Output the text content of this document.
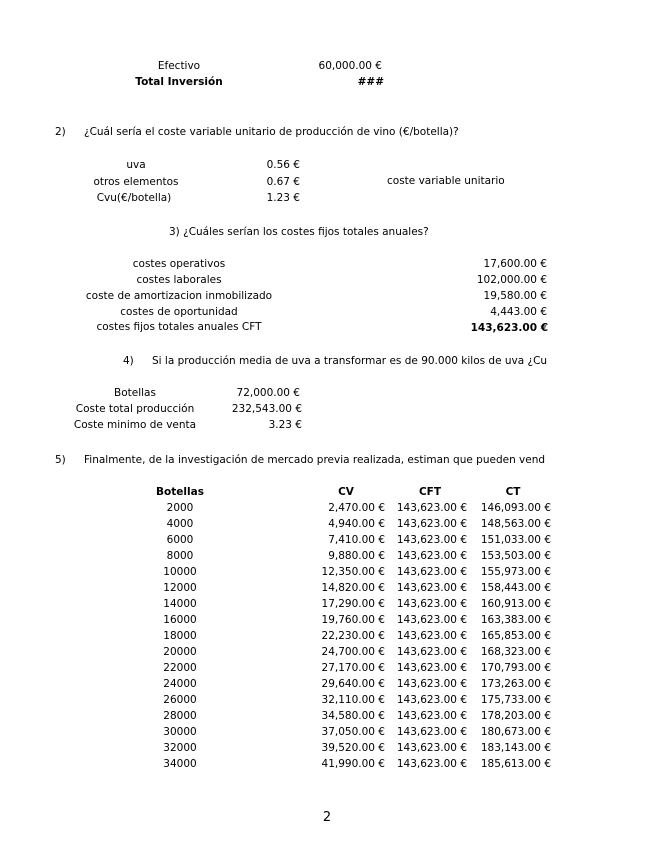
Efectivo	60,000.00 €
Total Inversión	###
2) ¿Cuál sería el coste variable unitario de producción de vino (€/botella)?
uva	0.56 €
otros elementos	0.67 €	coste variable unitario
Cvu(€/botella)	1.23 €
3) ¿Cuáles serían los costes fijos totales anuales?
costes operativos	17,600.00 €
costes laborales	102,000.00 €
coste de amortizacion inmobilizado	19,580.00 €
costes de oportunidad	4,443.00 €
costes fijos totales anuales CFT	143,623.00 €
4) Si la producción media de uva a transformar es de 90.000 kilos de uva ¿Cu
Botellas	72,000.00 €
Coste total producción	232,543.00 €
Coste minimo de venta	3.23 €
5) Finalmente, de la investigación de mercado previa realizada, estiman que pueden vend
Botellas	CV	CFT	CT
2000	2,470.00 € 143,623.00 € 146,093.00 €
4000	4,940.00 € 143,623.00 € 148,563.00 €
6000	7,410.00 € 143,623.00 € 151,033.00 €
8000	9,880.00 € 143,623.00 € 153,503.00 €
10000	12,350.00 € 143,623.00 € 155,973.00 €
12000	14,820.00 € 143,623.00 € 158,443.00 €
14000	17,290.00 € 143,623.00 € 160,913.00 €
16000	19,760.00 € 143,623.00 € 163,383.00 €
18000	22,230.00 € 143,623.00 € 165,853.00 €
20000	24,700.00 € 143,623.00 € 168,323.00 €
22000	27,170.00 € 143,623.00 € 170,793.00 €
24000	29,640.00 € 143,623.00 € 173,263.00 €
26000	32,110.00 € 143,623.00 € 175,733.00 €
28000	34,580.00 € 143,623.00 € 178,203.00 €
30000	37,050.00 € 143,623.00 € 180,673.00 €
32000	39,520.00 € 143,623.00 € 183,143.00 €
34000	41,990.00 € 143,623.00 € 185,613.00 €
2
